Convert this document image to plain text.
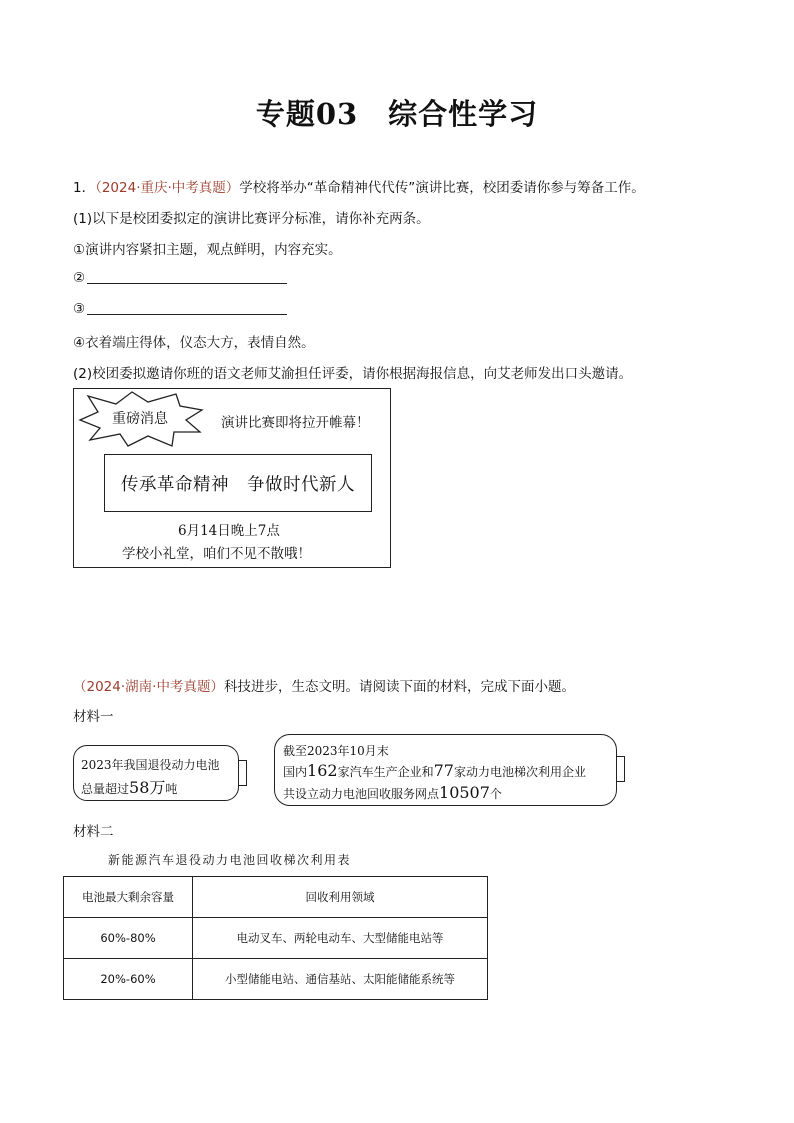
专题03　综合性学习
1．（2024·重庆·中考真题）学校将举办“革命精神代代传”演讲比赛，校团委请你参与筹备工作。
(1)以下是校团委拟定的演讲比赛评分标准，请你补充两条。
①演讲内容紧扣主题，观点鲜明，内容充实。
②
③
④衣着端庄得体，仪态大方，表情自然。
(2)校团委拟邀请你班的语文老师艾渝担任评委，请你根据海报信息，向艾老师发出口头邀请。
重磅消息	演讲比赛即将拉开帷幕！
传承革命精神　争做时代新人
6月14日晚上7点
学校小礼堂，咱们不见不散哦！
（2024·湖南·中考真题）科技进步，生态文明。请阅读下面的材料，完成下面小题。
材料一
2023年我国退役动力电池
总量超过58万吨
截至2023年10月末
国内162家汽车生产企业和77家动力电池梯次利用企业
共设立动力电池回收服务网点10507个
材料二
新能源汽车退役动力电池回收梯次利用表
电池最大剩余容量	回收利用领域
60%-80%	电动叉车、两轮电动车、大型储能电站等
20%-60%	小型储能电站、通信基站、太阳能储能系统等
